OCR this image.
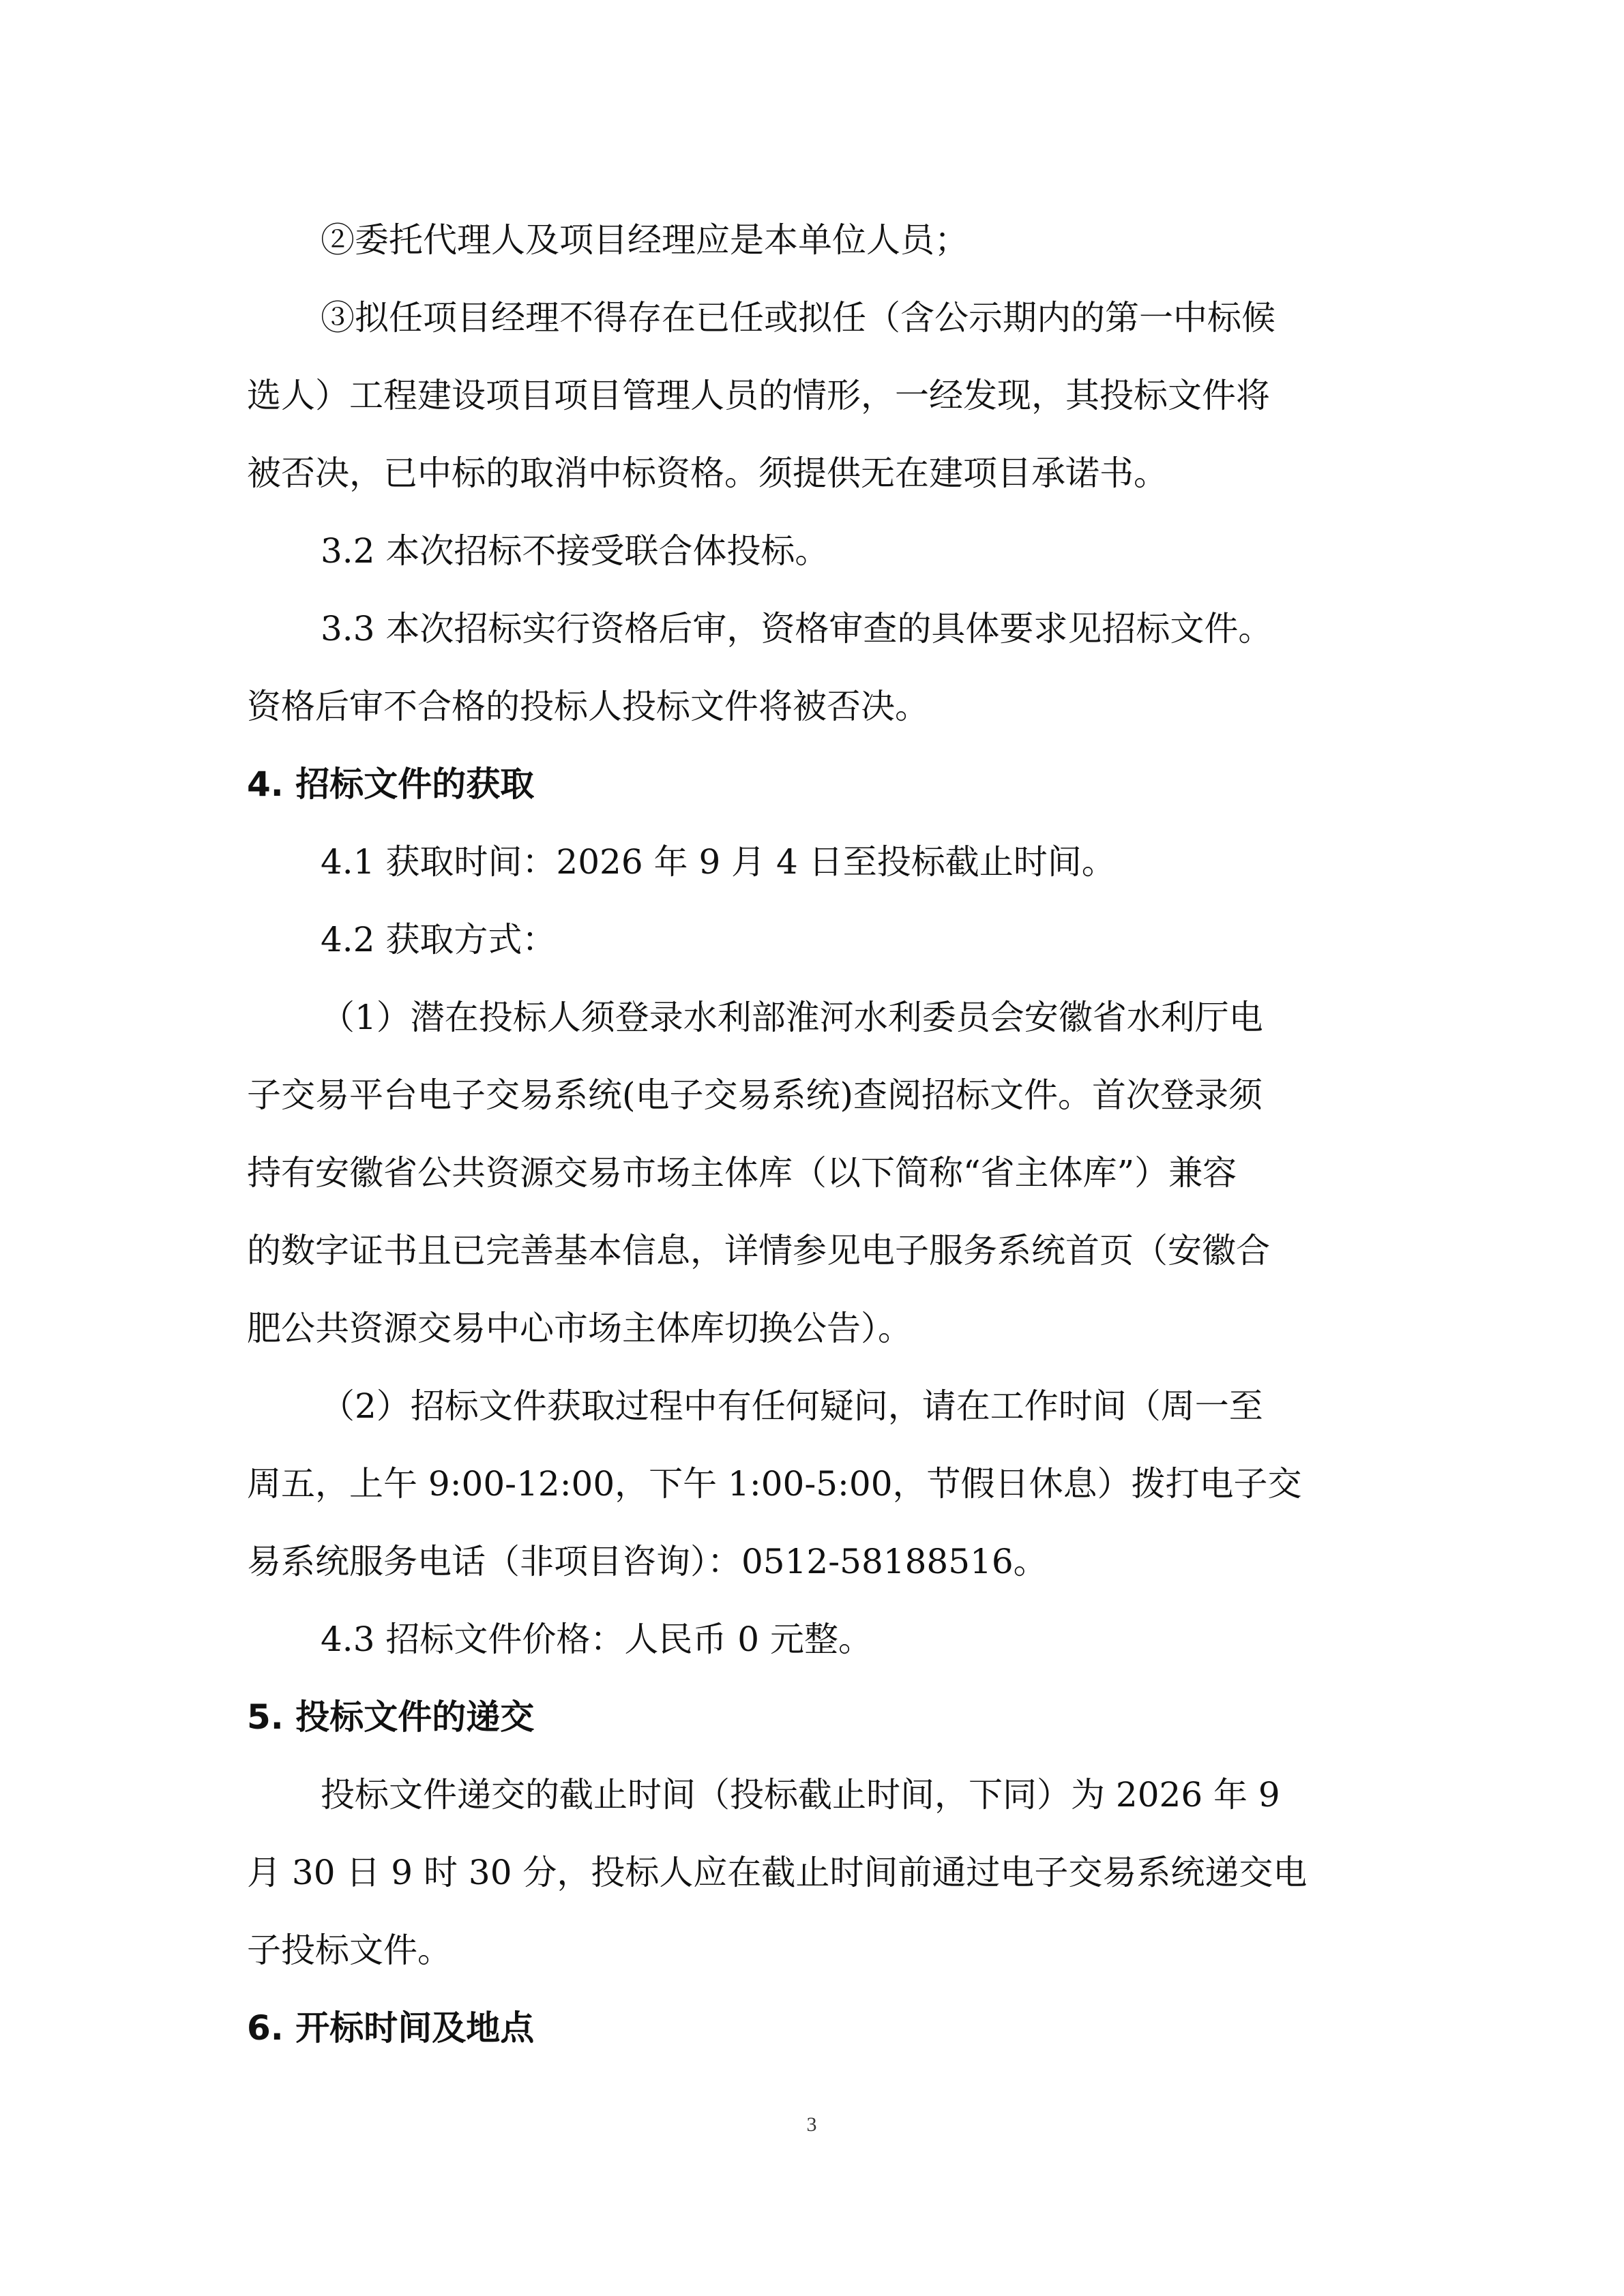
②委托代理人及项目经理应是本单位人员；
③拟任项目经理不得存在已任或拟任（含公示期内的第一中标候
选人）工程建设项目项目管理人员的情形，一经发现，其投标文件将
被否决，已中标的取消中标资格。须提供无在建项目承诺书。
3.2 本次招标不接受联合体投标。
3.3 本次招标实行资格后审，资格审查的具体要求见招标文件。
资格后审不合格的投标人投标文件将被否决。
4. 招标文件的获取
4.1 获取时间：2026 年 9 月 4 日至投标截止时间。
4.2 获取方式：
（1）潜在投标人须登录水利部淮河水利委员会安徽省水利厅电
子交易平台电子交易系统(电子交易系统)查阅招标文件。首次登录须
持有安徽省公共资源交易市场主体库（以下简称“省主体库”）兼容
的数字证书且已完善基本信息，详情参见电子服务系统首页（安徽合
肥公共资源交易中心市场主体库切换公告）。
（2）招标文件获取过程中有任何疑问，请在工作时间（周一至
周五，上午 9:00-12:00，下午 1:00-5:00，节假日休息）拨打电子交
易系统服务电话（非项目咨询）：0512-58188516。
4.3 招标文件价格：人民币 0 元整。
5. 投标文件的递交
投标文件递交的截止时间（投标截止时间，下同）为 2026 年 9
月 30 日 9 时 30 分，投标人应在截止时间前通过电子交易系统递交电
子投标文件。
6. 开标时间及地点
3
